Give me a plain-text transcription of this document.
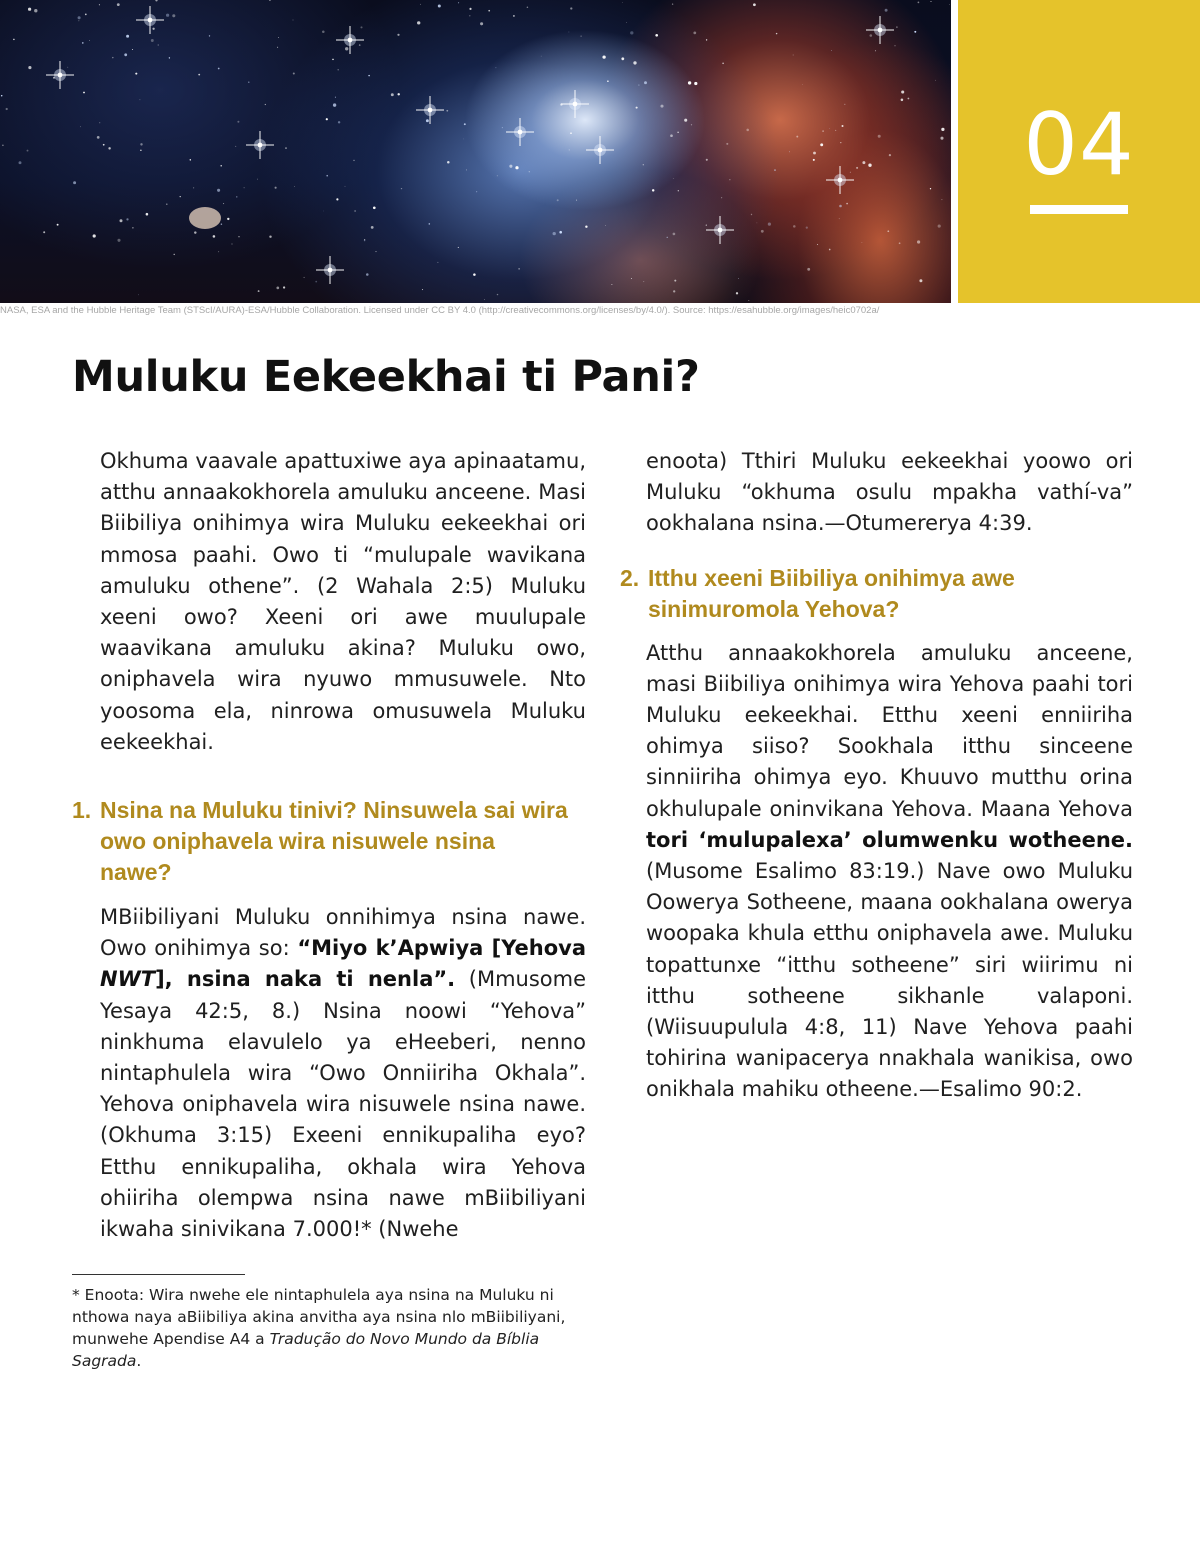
04
NASA, ESA and the Hubble Heritage Team (STScI/AURA)-ESA/Hubble Collaboration. Licensed under CC BY 4.0 (http://creativecommons.org/licenses/by/4.0/). Source: https://esahubble.org/images/heic0702a/
Muluku Eekeekhai ti Pani?

Okhuma vaavale apattuxiwe aya apinaatamu, atthu annaakokhorela amuluku anceene. Masi Biibiliya onihimya wira Muluku eekeekhai ori mmosa paahi. Owo ti “mulupale wavikana amuluku othene”. (2 Wahala 2:5) Muluku xeeni owo? Xeeni ori awe muulupale waavikana amuluku akina? Muluku owo, oniphavela wira nyuwo mmusuwele. Nto yoosoma ela, ninrowa omusuwela Muluku eekeekhai.

1. Nsina na Muluku tinivi? Ninsuwela sai wira owo oniphavela wira nisuwele nsina nawe?

MBiibiliyani Muluku onnihimya nsina nawe. Owo onihimya so: “Miyo k’Apwiya [Yehova NWT], nsina naka ti nenla”. (Mmusome Yesaya 42:5, 8.) Nsina noowi “Yehova” ninkhuma elavulelo ya eHeeberi, nenno nintaphulela wira “Owo Onniiriha Okhala”. Yehova oniphavela wira nisuwele nsina nawe. (Okhuma 3:15) Exeeni ennikupaliha eyo? Etthu ennikupaliha, okhala wira Yehova ohiiriha olempwa nsina nawe mBiibiliyani ikwaha sinivikana 7.000!* (Nwehe

* Enoota: Wira nwehe ele nintaphulela aya nsina na Muluku ni nthowa naya aBiibiliya akina anvitha aya nsina nlo mBiibiliyani, munwehe Apendise A4 a Tradução do Novo Mundo da Bíblia Sagrada.

enoota) Tthiri Muluku eekeekhai yoowo ori Muluku “okhuma osulu mpakha vathí-va” ookhalana nsina.—Otumererya 4:39.

2. Itthu xeeni Biibiliya onihimya awe sinimuromola Yehova?

Atthu annaakokhorela amuluku anceene, masi Biibiliya onihimya wira Yehova paahi tori Muluku eekeekhai. Etthu xeeni enniiriha ohimya siiso? Sookhala itthu sinceene sinniiriha ohimya eyo. Khuuvo mutthu orina okhulupale oninvikana Yehova. Maana Yehova tori ‘mulupalexa’ olumwenku wotheene. (Musome Esalimo 83:19.) Nave owo Muluku Oowerya Sotheene, maana ookhalana owerya woopaka khula etthu oniphavela awe. Muluku topattunxe “itthu sotheene” siri wiirimu ni itthu sotheene sikhanle valaponi. (Wiisuupulula 4:8, 11) Nave Yehova paahi tohirina wanipacerya nnakhala wanikisa, owo onikhala mahiku otheene.—Esalimo 90:2.
